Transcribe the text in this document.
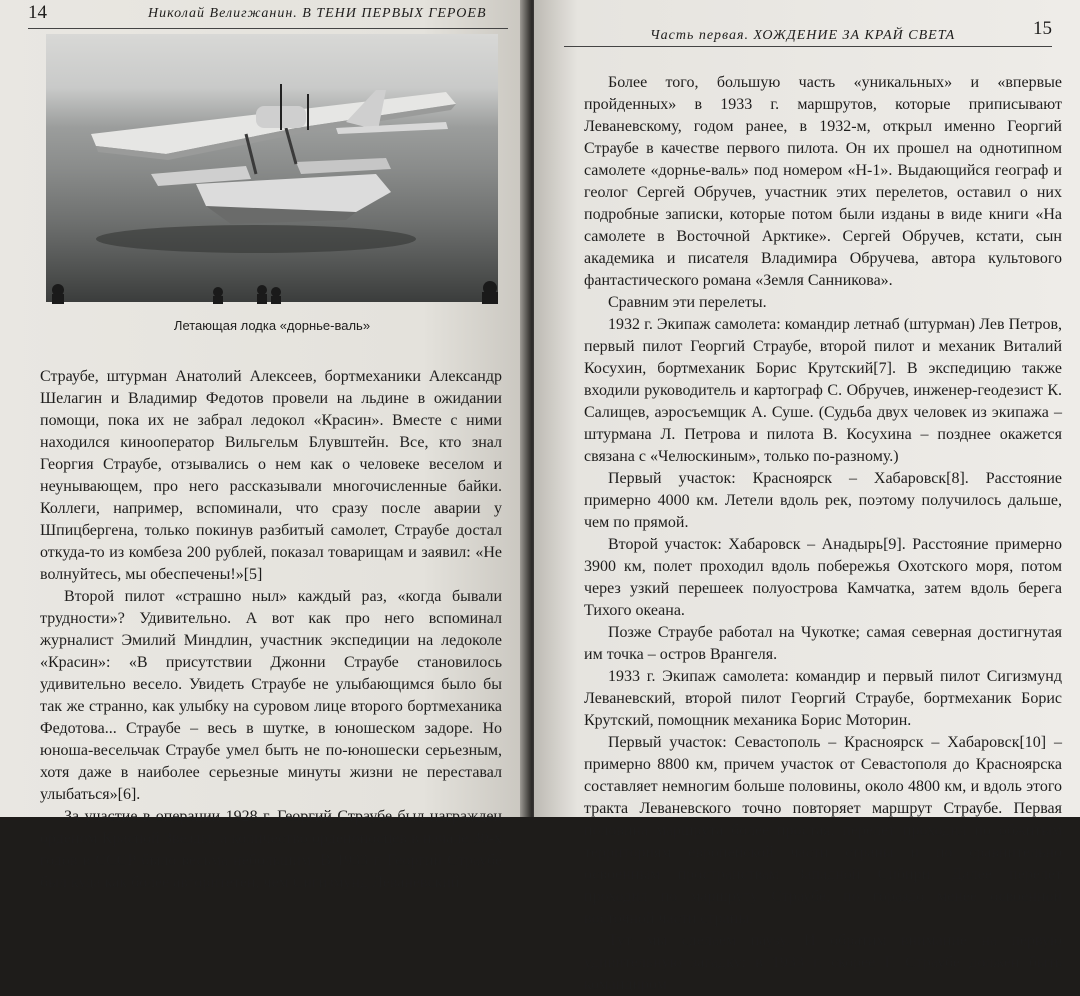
14	Николай Велигжанин. В ТЕНИ ПЕРВЫХ ГЕРОЕВ
Летающая лодка «дорнье-валь»

Страубе, штурман Анатолий Алексеев, бортмеханики Александр Шелагин и Владимир Федотов провели на льдине в ожидании помощи, пока их не забрал ледокол «Красин». Вместе с ними находился кинооператор Вильгельм Блувштейн. Все, кто знал Георгия Страубе, отзывались о нем как о человеке веселом и неунывающем, про него рассказывали многочисленные байки. Коллеги, например, вспоминали, что сразу после аварии у Шпицбергена, только покинув разбитый самолет, Страубе достал откуда-то из комбеза 200 рублей, показал товарищам и заявил: «Не волнуйтесь, мы обеспечены!»[5]

Второй пилот «страшно ныл» каждый раз, «когда бывали трудности»? Удивительно. А вот как про него вспоминал журналист Эмилий Миндлин, участник экспедиции на ледоколе «Красин»: «В присутствии Джонни Страубе становилось удивительно весело. Увидеть Страубе не улыбающимся было бы так же странно, как улыбку на суровом лице второго бортмеханика Федотова... Страубе – весь в шутке, в юношеском задоре. Но юноша-весельчак Страубе умел быть не по-юношески серьезным, хотя даже в наиболее серьезные минуты жизни не переставал улыбаться»[6].

За участие в операции 1928 г. Георгий Страубе был награжден орденом Красной Звезды, а количество орденоносцев в начале 30-х годов в СССР было весьма небольшим. В 1933 г. Георгий Страубе был куда как более авторитетен, чем Сигизмунд Леваневский.

Часть первая. ХОЖДЕНИЕ ЗА КРАЙ СВЕТА	15

Более того, большую часть «уникальных» и «впервые пройденных» в 1933 г. маршрутов, которые приписывают Леваневскому, годом ранее, в 1932-м, открыл именно Георгий Страубе в качестве первого пилота. Он их прошел на однотипном самолете «дорнье-валь» под номером «Н-1». Выдающийся географ и геолог Сергей Обручев, участник этих перелетов, оставил о них подробные записки, которые потом были изданы в виде книги «На самолете в Восточной Арктике». Сергей Обручев, кстати, сын академика и писателя Владимира Обручева, автора культового фантастического романа «Земля Санникова».

Сравним эти перелеты.

1932 г. Экипаж самолета: командир летнаб (штурман) Лев Петров, первый пилот Георгий Страубе, второй пилот и механик Виталий Косухин, бортмеханик Борис Крутский[7]. В экспедицию также входили руководитель и картограф С. Обручев, инженер-геодезист К. Салищев, аэросъемщик А. Суше. (Судьба двух человек из экипажа – штурмана Л. Петрова и пилота В. Косухина – позднее окажется связана с «Челюскиным», только по-разному.)

Первый участок: Красноярск – Хабаровск[8]. Расстояние примерно 4000 км. Летели вдоль рек, поэтому получилось дальше, чем по прямой.

Второй участок: Хабаровск – Анадырь[9]. Расстояние примерно 3900 км, полет проходил вдоль побережья Охотского моря, потом через узкий перешеек полуострова Камчатка, затем вдоль берега Тихого океана.

Позже Страубе работал на Чукотке; самая северная достигнутая им точка – остров Врангеля.

1933 г. Экипаж самолета: командир и первый пилот Сигизмунд Леваневский, второй пилот Георгий Страубе, бортмеханик Борис Крутский, помощник механика Борис Моторин.

Первый участок: Севастополь – Красноярск – Хабаровск[10] – примерно 8800 км, причем участок от Севастополя до Красноярска составляет немногим больше половины, около 4800 км, и вдоль этого тракта Леваневского точно повторяет маршрут Страубе. Первая половина маршрута более простая, перелет проходил по обжитым территориям европейской части страны и по сравнительно освоенным пространствам Западной Сибири. Далее перелет проходил по маршруту Страубе, по гораздо менее освоенной восточной части страны.

Тут мы сделаем паузу. И обратим внимание на первую удивительную загадку: в 1933 г. скорее Г. Страубе должен быть командиром
